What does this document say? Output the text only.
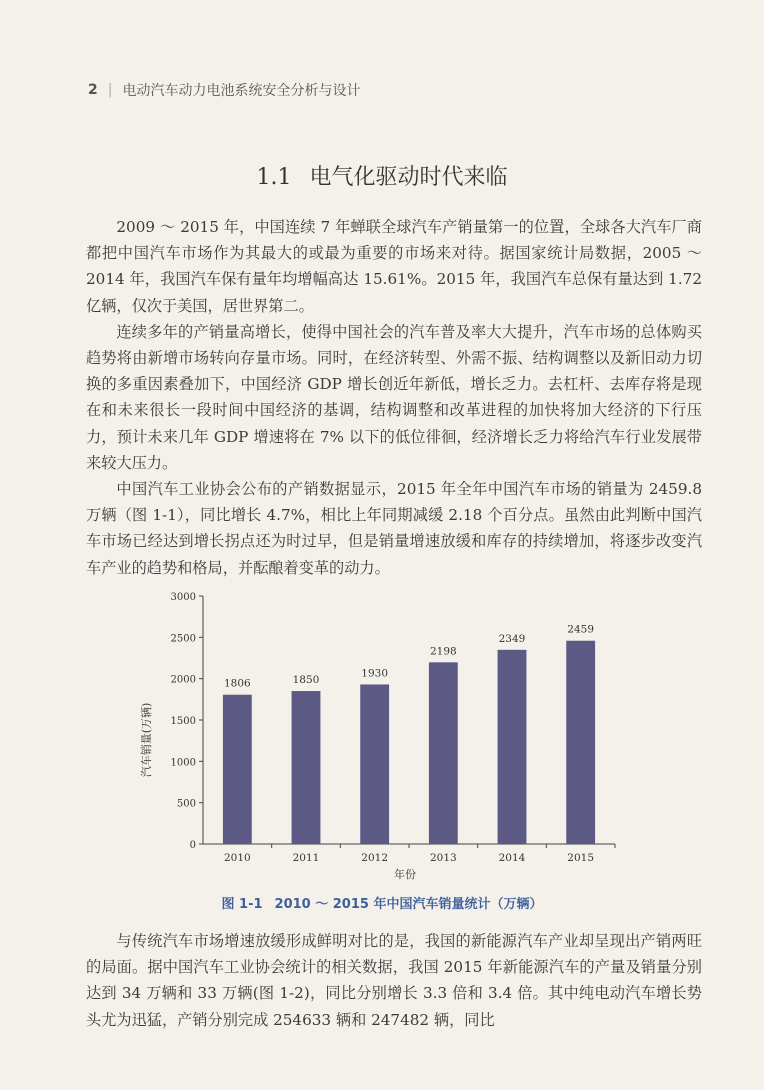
2 | 电动汽车动力电池系统安全分析与设计
1.1 电气化驱动时代来临

2009 ～ 2015 年，中国连续 7 年蝉联全球汽车产销量第一的位置，全球各大汽车厂商都把中国汽车市场作为其最大的或最为重要的市场来对待。据国家统计局数据，2005 ～ 2014 年，我国汽车保有量年均增幅高达 15.61%。2015 年，我国汽车总保有量达到 1.72 亿辆，仅次于美国，居世界第二。

连续多年的产销量高增长，使得中国社会的汽车普及率大大提升，汽车市场的总体购买趋势将由新增市场转向存量市场。同时，在经济转型、外需不振、结构调整以及新旧动力切换的多重因素叠加下，中国经济 GDP 增长创近年新低，增长乏力。去杠杆、去库存将是现在和未来很长一段时间中国经济的基调，结构调整和改革进程的加快将加大经济的下行压力，预计未来几年 GDP 增速将在 7% 以下的低位徘徊，经济增长乏力将给汽车行业发展带来较大压力。

中国汽车工业协会公布的产销数据显示，2015 年全年中国汽车市场的销量为 2459.8 万辆（图 1-1），同比增长 4.7%，相比上年同期减缓 2.18 个百分点。虽然由此判断中国汽车市场已经达到增长拐点还为时过早，但是销量增速放缓和库存的持续增加，将逐步改变汽车产业的趋势和格局，并酝酿着变革的动力。

0
500
1000
1500
2000
2500
3000
1806
2010
1850
2011
1930
2012
2198
2013
2349
2014
2459
2015
年份
汽车销量(万辆)
图 1-1 2010 ～ 2015 年中国汽车销量统计（万辆）

与传统汽车市场增速放缓形成鲜明对比的是，我国的新能源汽车产业却呈现出产销两旺的局面。据中国汽车工业协会统计的相关数据，我国 2015 年新能源汽车的产量及销量分别达到 34 万辆和 33 万辆(图 1-2)，同比分别增长 3.3 倍和 3.4 倍。其中纯电动汽车增长势头尤为迅猛，产销分别完成 254633 辆和 247482 辆，同比
